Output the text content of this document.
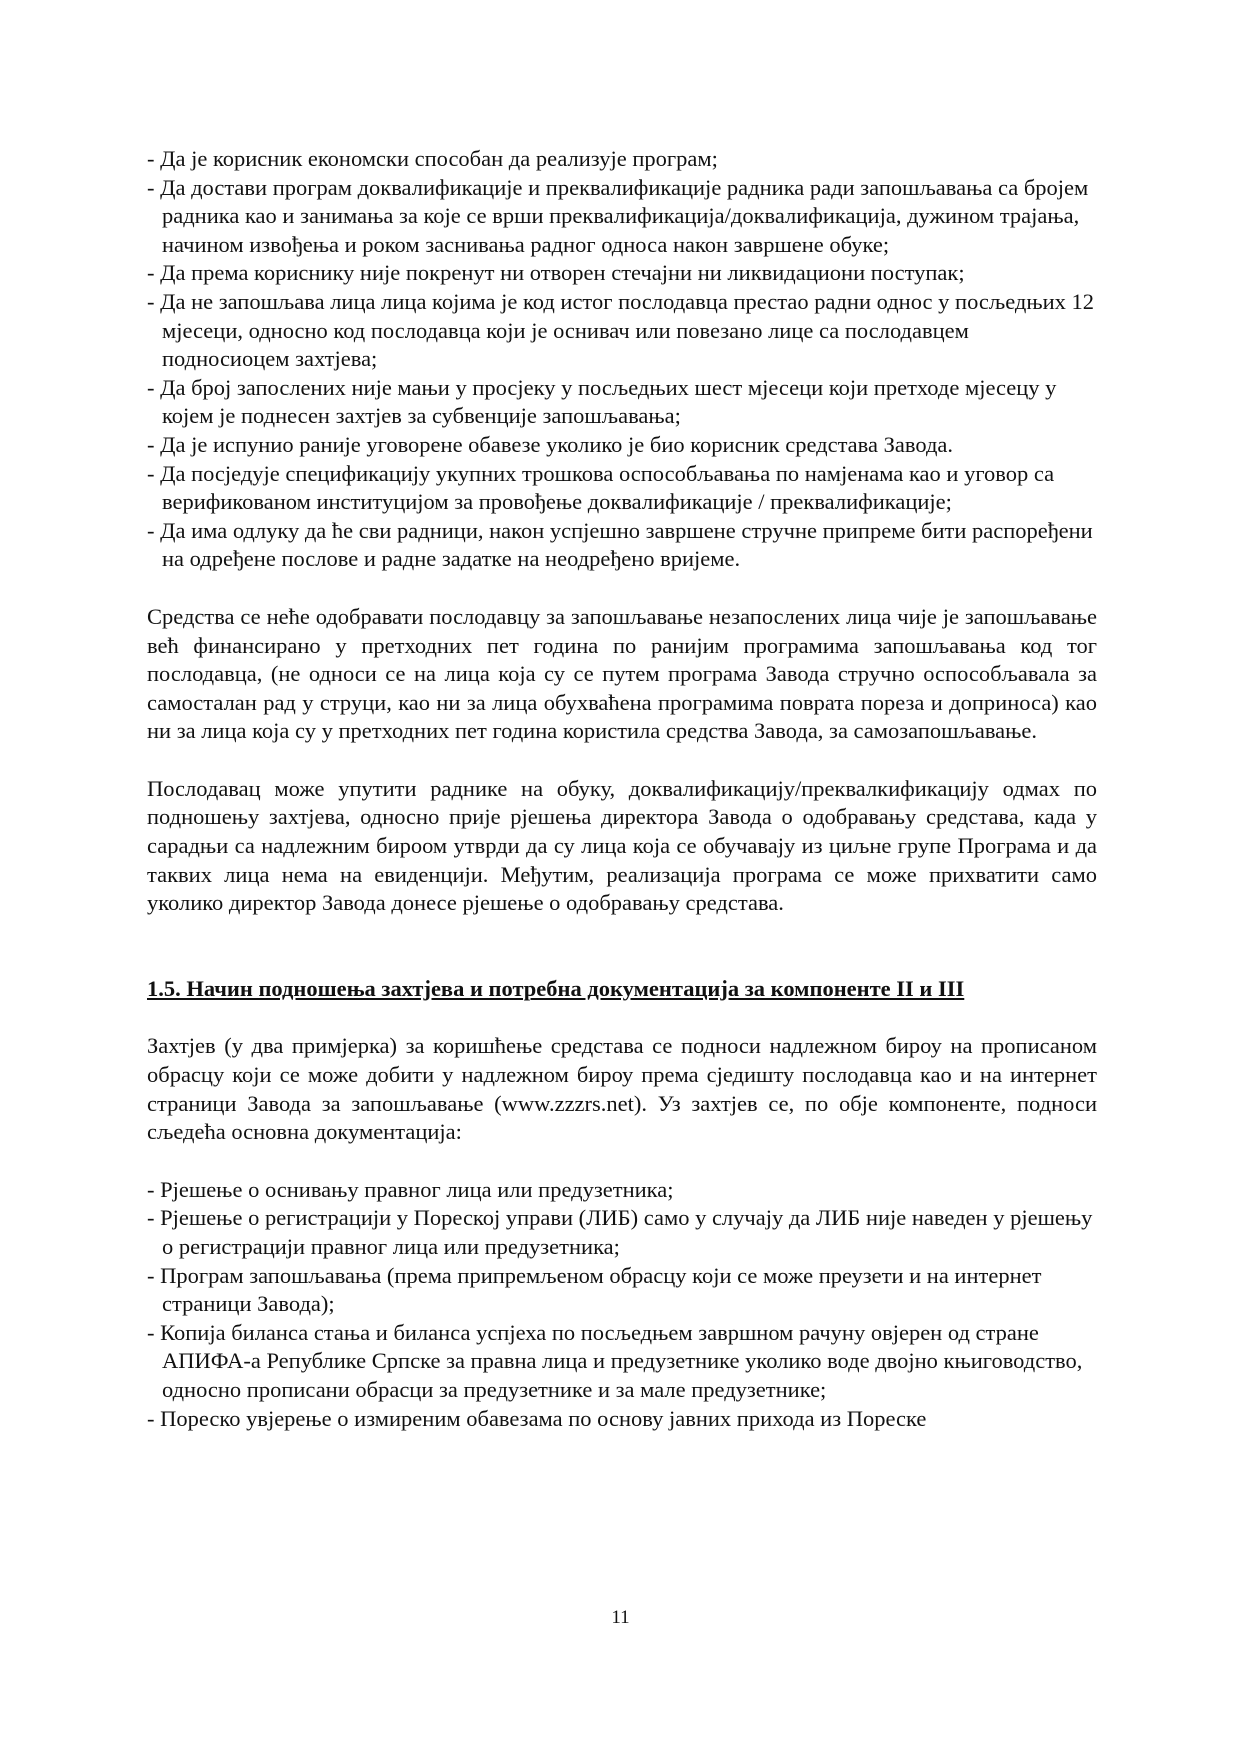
- Да је корисник економски способан да реализује програм;
- Да достави програм доквалификације и преквалификације радника ради запошљавања са бројем радника као и занимања за које се врши преквалификација/доквалификација, дужином трајања, начином извођења и роком заснивања радног односа након завршене обуке;
- Да према кориснику није покренут ни отворен стечајни ни ликвидациони поступак;
- Да не запошљава лица лица којима је код истог послодавца престао радни однос у посљедњих 12 мјесеци, односно код послодавца који је оснивач или повезано лице са послодавцем подносиоцем захтјева;
- Да број запослених није мањи у просјеку у посљедњих шест мјесеци који претходе мјесецу у којем је поднесен захтјев за субвенције запошљавања;
- Да је испунио раније уговорене обавезе уколико је био корисник средстава Завода.
- Да посједује спецификацију укупних трошкова оспособљавања по намјенама као и уговор са верификованом институцијом за провођење доквалификације / преквалификације;
- Да има одлуку да ће сви радници, након успјешно завршене стручне припреме бити распоређени на одређене послове и радне задатке на неодређено вријеме.

Средства се неће одобравати послодавцу за запошљавање незапослених лица чије је запошљавање већ финансирано у претходних пет година по ранијим програмима запошљавања код тог послодавца, (не односи се на лица која су се путем програма Завода стручно оспособљавала за самосталан рад у струци, као ни за лица обухваћена програмима поврата пореза и доприноса) као ни за лица која су у претходних пет година користила средства Завода, за самозапошљавање.

Послодавац може упутити раднике на обуку, доквалификацију/преквалкификацију одмах по подношењу захтјева, односно прије рјешења директора Завода о одобравању средстава, када у сарадњи са надлежним бироом утврди да су лица која се обучавају из циљне групе Програма и да таквих лица нема на евиденцији. Међутим, реализација програма се може прихватити само уколико директор Завода донесе рјешење о одобравању средстава.

1.5. Начин подношења захтјева и потребна документација за компоненте II и III

Захтјев (у два примјерка) за коришћење средстава се подноси надлежном бироу на прописаном обрасцу који се може добити у надлежном бироу према сједишту послодавца као и на интернет страници Завода за запошљавање (www.zzzrs.net). Уз захтјев се, по обје компоненте, подноси сљедећа основна документација:

- Рјешење о оснивању правног лица или предузетника;
- Рјешење о регистрацији у Пореској управи (ЛИБ) само у случају да ЛИБ није наведен у рјешењу о регистрацији правног лица или предузетника;
- Програм запошљавања (према припремљеном обрасцу који се може преузети и на интернет страници Завода);
- Копија биланса стања и биланса успјеха по посљедњем завршном рачуну овјерен од стране АПИФА-а Републике Српске за правна лица и предузетнике уколико воде двојно књиговодство, односно прописани обрасци за предузетнике и за мале предузетнике;
- Пореско увјерење о измиреним обавезама по основу јавних прихода из Пореске
11
